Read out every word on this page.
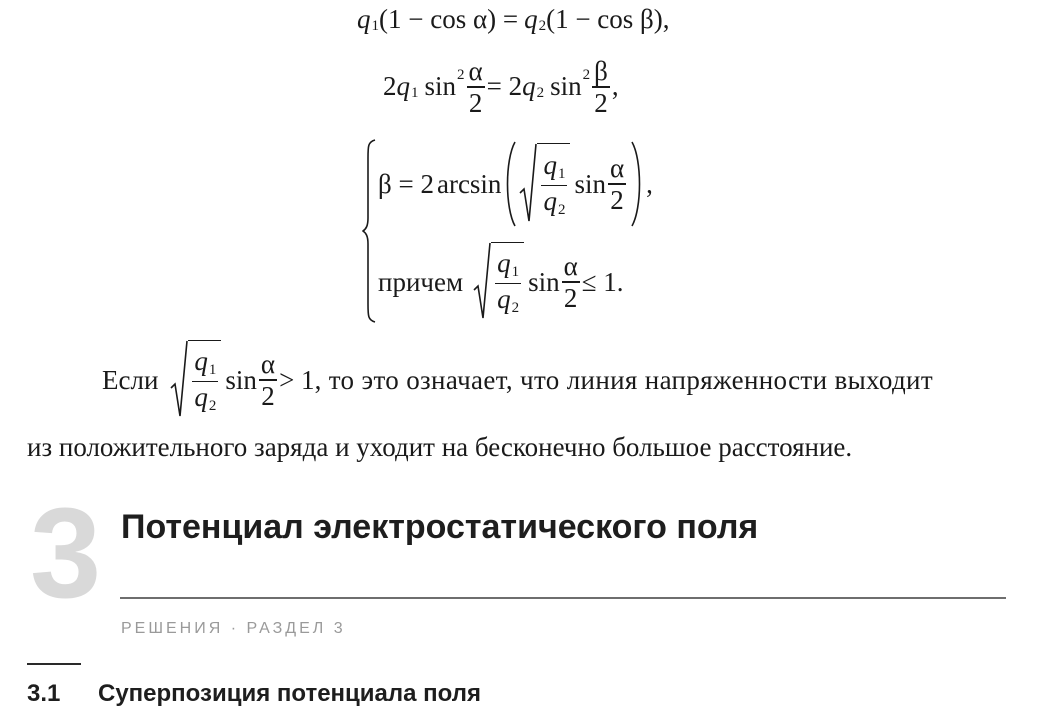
q 1 (1 − cos α) = q 2 (1 − cos β),
2 q 1 $\sin 2 \frac{\alpha}{2} = 2$ q 2 $\sin 2 \frac{\beta}{2}$ ,
β = 2 $\arcsin \frac{q1}{q2}$ $\sin \frac{\alpha}{2}$ ,
причем $\frac{q1}{q2}$ $\sin \frac{\alpha}{2} \le 1$.
Если $\frac{q1}{q2}$ $\sin \frac{\alpha}{2} > 1$ , то это означает, что линия напряженности выходит
из положительного заряда и уходит на бесконечно большое расстояние.
3 Потенциал электростатического поля
РЕШЕНИЯ · РАЗДЕЛ 3
3.1 Суперпозиция потенциала поля
